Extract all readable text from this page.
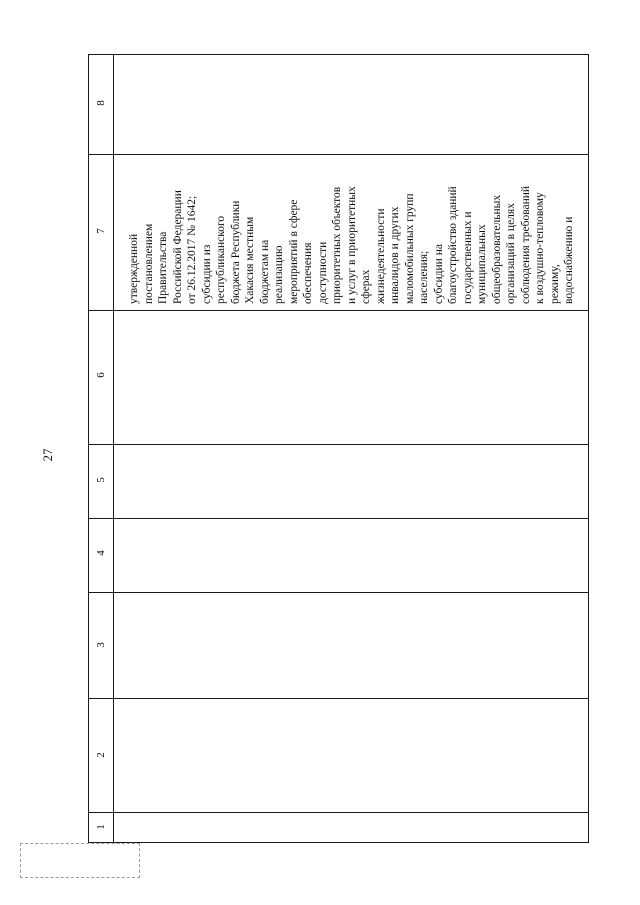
27
8
7
6
5
4
3
2
1
утвержденной постановлением Правительства Российской Федерации от 26.12.2017 № 1642; субсидии из республиканского бюджета Республики Хакасия местным бюджетам на реализацию мероприятий в сфере обеспечения доступности приоритетных объектов и услуг в приоритетных сферах жизнедеятельности инвалидов и других маломобильных групп населения; субсидии на благоустройство зданий государственных и муниципальных общеобразовательных организаций в целях соблюдения требований к воздушно-тепловому режиму, водоснабжению и
